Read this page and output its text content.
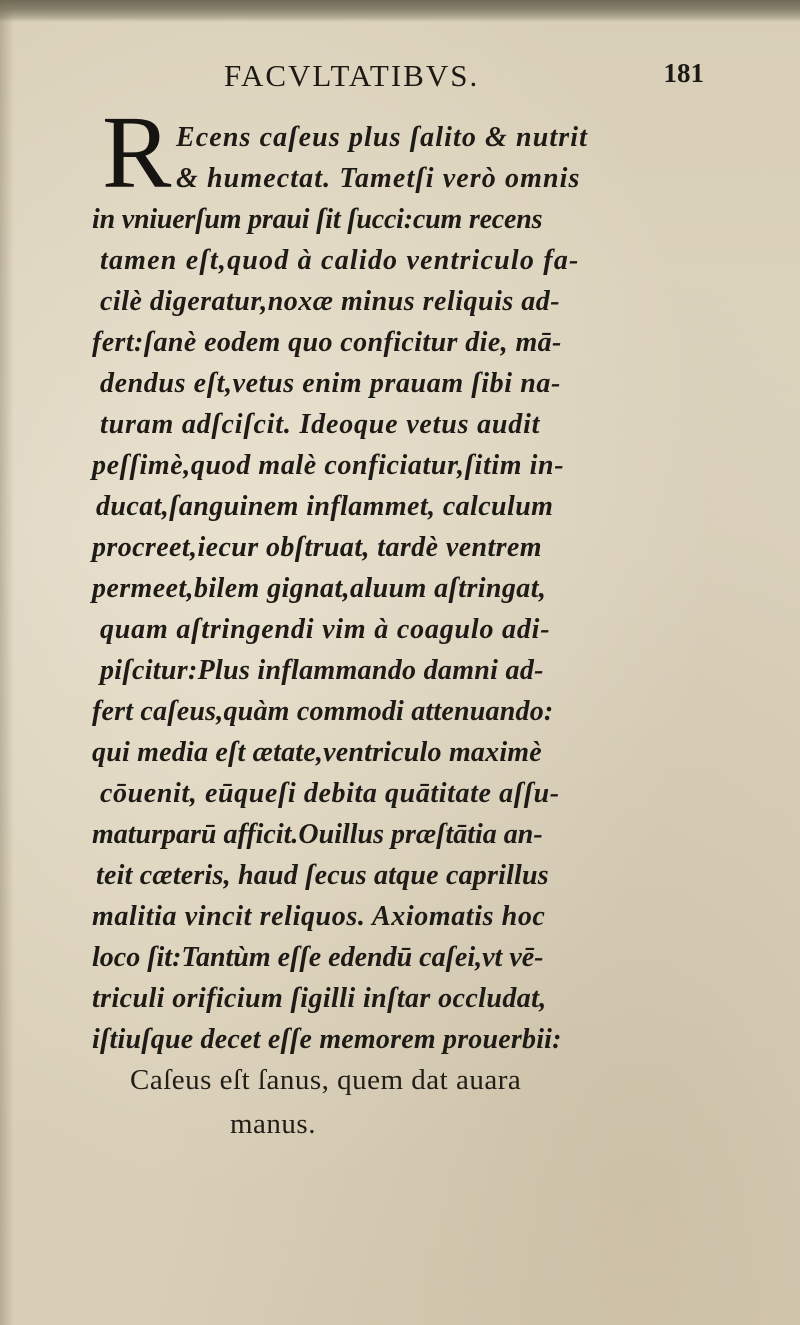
FACVLTATIBVS.	181
R Ecens caſeus plus ſalito & nutrit
& humectat. Tametſi verò omnis
in vniuerſum praui ſit ſucci:cum recens
tamen eſt,quod à calido ventriculo fa-
cilè digeratur,noxæ minus reliquis ad-
fert:ſanè eodem quo conficitur die, mā-
dendus eſt,vetus enim prauam ſibi na-
turam adſciſcit. Ideoque vetus audit
peſſimè,quod malè conficiatur,ſitim in-
ducat,ſanguinem inflammet, calculum
procreet,iecur obſtruat, tardè ventrem
permeet,bilem gignat,aluum aſtringat,
quam aſtringendi vim à coagulo adi-
piſcitur:Plus inflammando damni ad-
fert caſeus,quàm commodi attenuando:
qui media eſt ætate,ventriculo maximè
cōuenit, eūqueſi debita quātitate aſſu-
maturparū afficit.Ouillus præſtātia an-
teit cæteris, haud ſecus atque caprillus
malitia vincit reliquos. Axiomatis hoc
loco ſit:Tantùm eſſe edendū caſei,vt vē-
triculi orificium ſigilli inſtar occludat,
iſtiuſque decet eſſe memorem prouerbii:
Caſeus eſt ſanus, quem dat auara
manus.
